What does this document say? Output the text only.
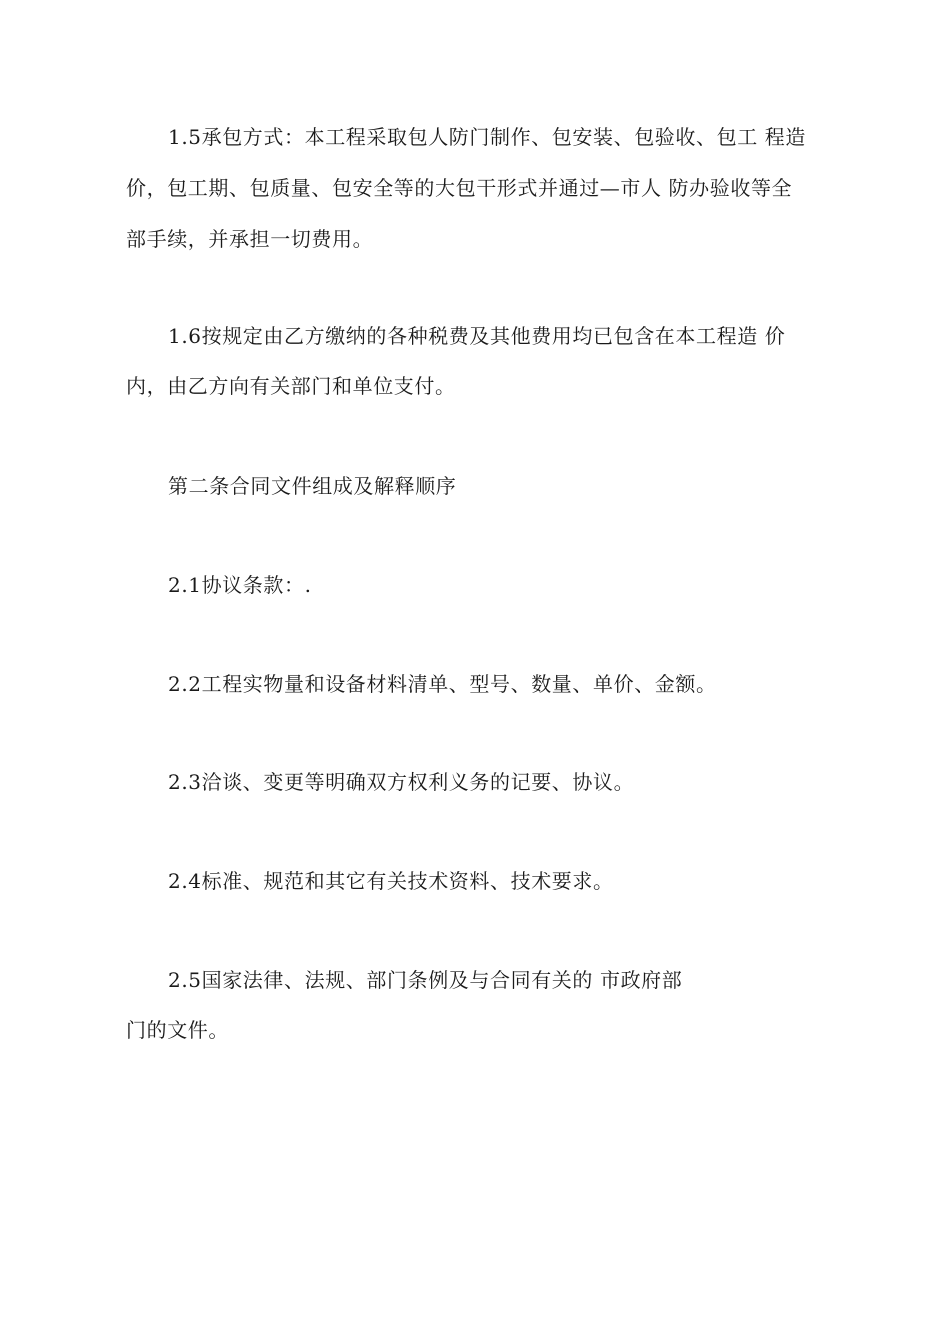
1.5承包方式：本工程采取包人防门制作、包安装、包验收、包工 程造
价，包工期、包质量、包安全等的大包干形式并通过—市人 防办验收等全
部手续，并承担一切费用。
1.6按规定由乙方缴纳的各种税费及其他费用均已包含在本工程造 价
内，由乙方向有关部门和单位支付。
第二条合同文件组成及解释顺序
2.1协议条款：.
2.2工程实物量和设备材料清单、型号、数量、单价、金额。
2.3洽谈、变更等明确双方权利义务的记要、协议。
2.4标准、规范和其它有关技术资料、技术要求。
2.5国家法律、法规、部门条例及与合同有关的 市政府部
门的文件。
